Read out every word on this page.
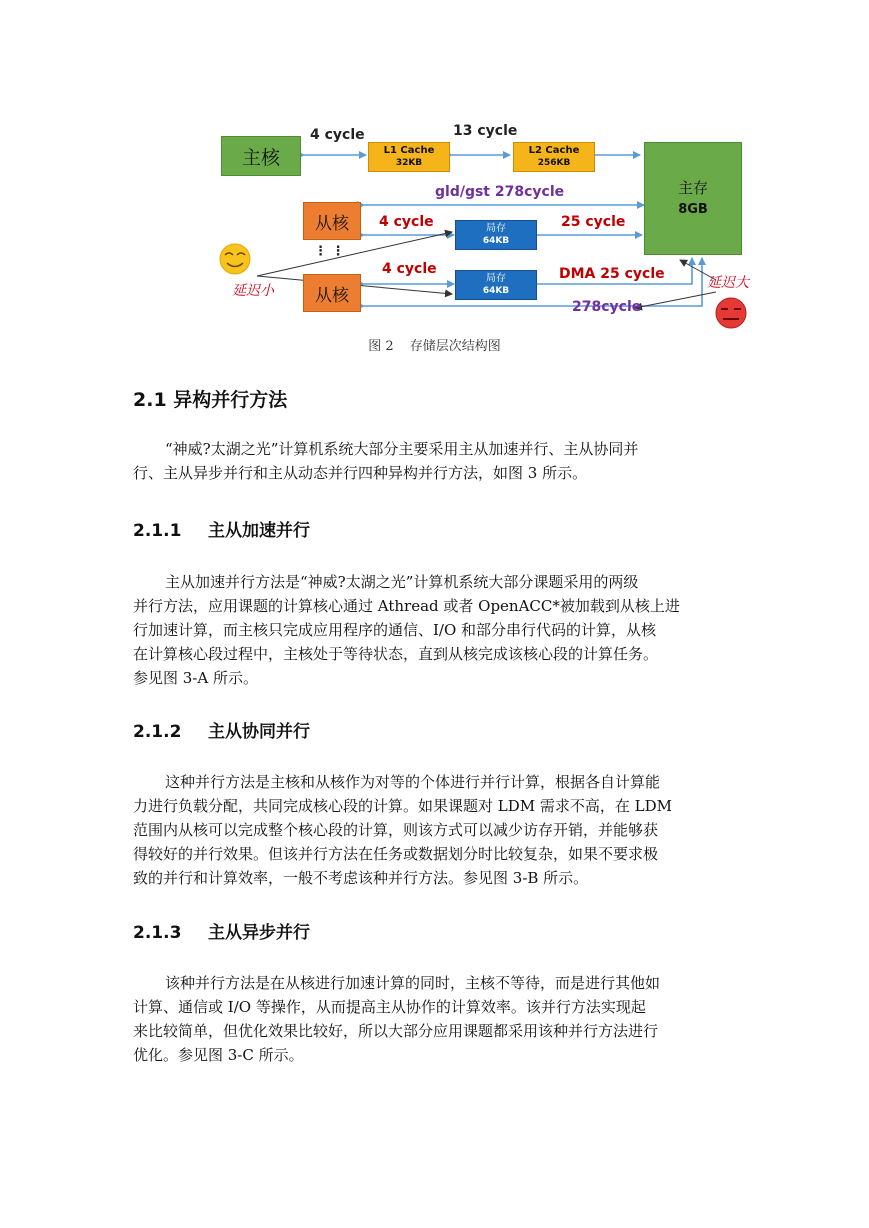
主核	L1 Cache
32KB
L2 Cache
256KB
主存
8GB
从核
从核
⋮ ⋮
局存
64KB
局存
64KB
4 cycle	13 cycle
gld/gst 278cycle
4 cycle	25 cycle
4 cycle	DMA 25 cycle
278cycle
延迟小	延迟大
图 2 存储层次结构图
2.1 异构并行方法
“神威?太湖之光”计算机系统大部分主要采用主从加速并行、主从协同并
行、主从异步并行和主从动态并行四种异构并行方法，如图 3 所示。
2.1.1 主从加速并行
主从加速并行方法是“神威?太湖之光”计算机系统大部分课题采用的两级
并行方法，应用课题的计算核心通过 Athread 或者 OpenACC*被加载到从核上进
行加速计算，而主核只完成应用程序的通信、I/O 和部分串行代码的计算，从核
在计算核心段过程中，主核处于等待状态，直到从核完成该核心段的计算任务。
参见图 3-A 所示。
2.1.2 主从协同并行
这种并行方法是主核和从核作为对等的个体进行并行计算，根据各自计算能
力进行负载分配，共同完成核心段的计算。如果课题对 LDM 需求不高，在 LDM
范围内从核可以完成整个核心段的计算，则该方式可以减少访存开销，并能够获
得较好的并行效果。但该并行方法在任务或数据划分时比较复杂，如果不要求极
致的并行和计算效率，一般不考虑该种并行方法。参见图 3-B 所示。
2.1.3 主从异步并行
该种并行方法是在从核进行加速计算的同时，主核不等待，而是进行其他如
计算、通信或 I/O 等操作，从而提高主从协作的计算效率。该并行方法实现起
来比较简单，但优化效果比较好，所以大部分应用课题都采用该种并行方法进行
优化。参见图 3-C 所示。
